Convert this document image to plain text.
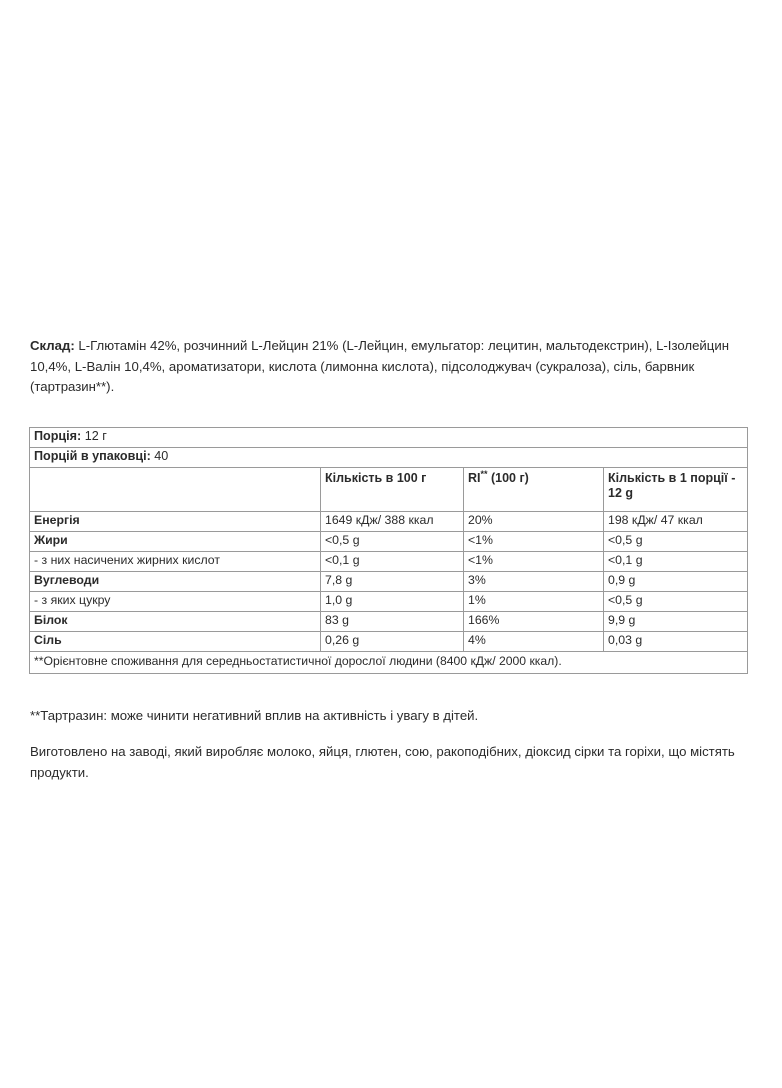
Склад: L-Глютамін 42%, розчинний L-Лейцин 21% (L-Лейцин, емульгатор: лецитин, мальтодекстрин), L-Ізолейцин 10,4%, L-Валін 10,4%, ароматизатори, кислота (лимонна кислота), підсолоджувач (сукралоза), сіль, барвник (тартразин**).

Порція: 12 г			
Порцій в упаковці: 40			
	Кількість в 100 г	RI** (100 г)	Кількість в 1 порції - 12 g
Енергія	1649 кДж/ 388 ккал	20%	198 кДж/ 47 ккал
Жири	<0,5 g	<1%	<0,5 g
- з них насичених жирних кислот	<0,1 g	<1%	<0,1 g
Вуглеводи	7,8 g	3%	0,9 g
- з яких цукру	1,0 g	1%	<0,5 g
Білок	83 g	166%	9,9 g
Сіль	0,26 g	4%	0,03 g
**Орієнтовне споживання для середньостатистичної дорослої людини (8400 кДж/ 2000 ккал).			

**Тартразин: може чинити негативний вплив на активність і увагу в дітей.

Виготовлено на заводі, який виробляє молоко, яйця, глютен, сою, ракоподібних, діоксид сірки та горіхи, що містять продукти.
